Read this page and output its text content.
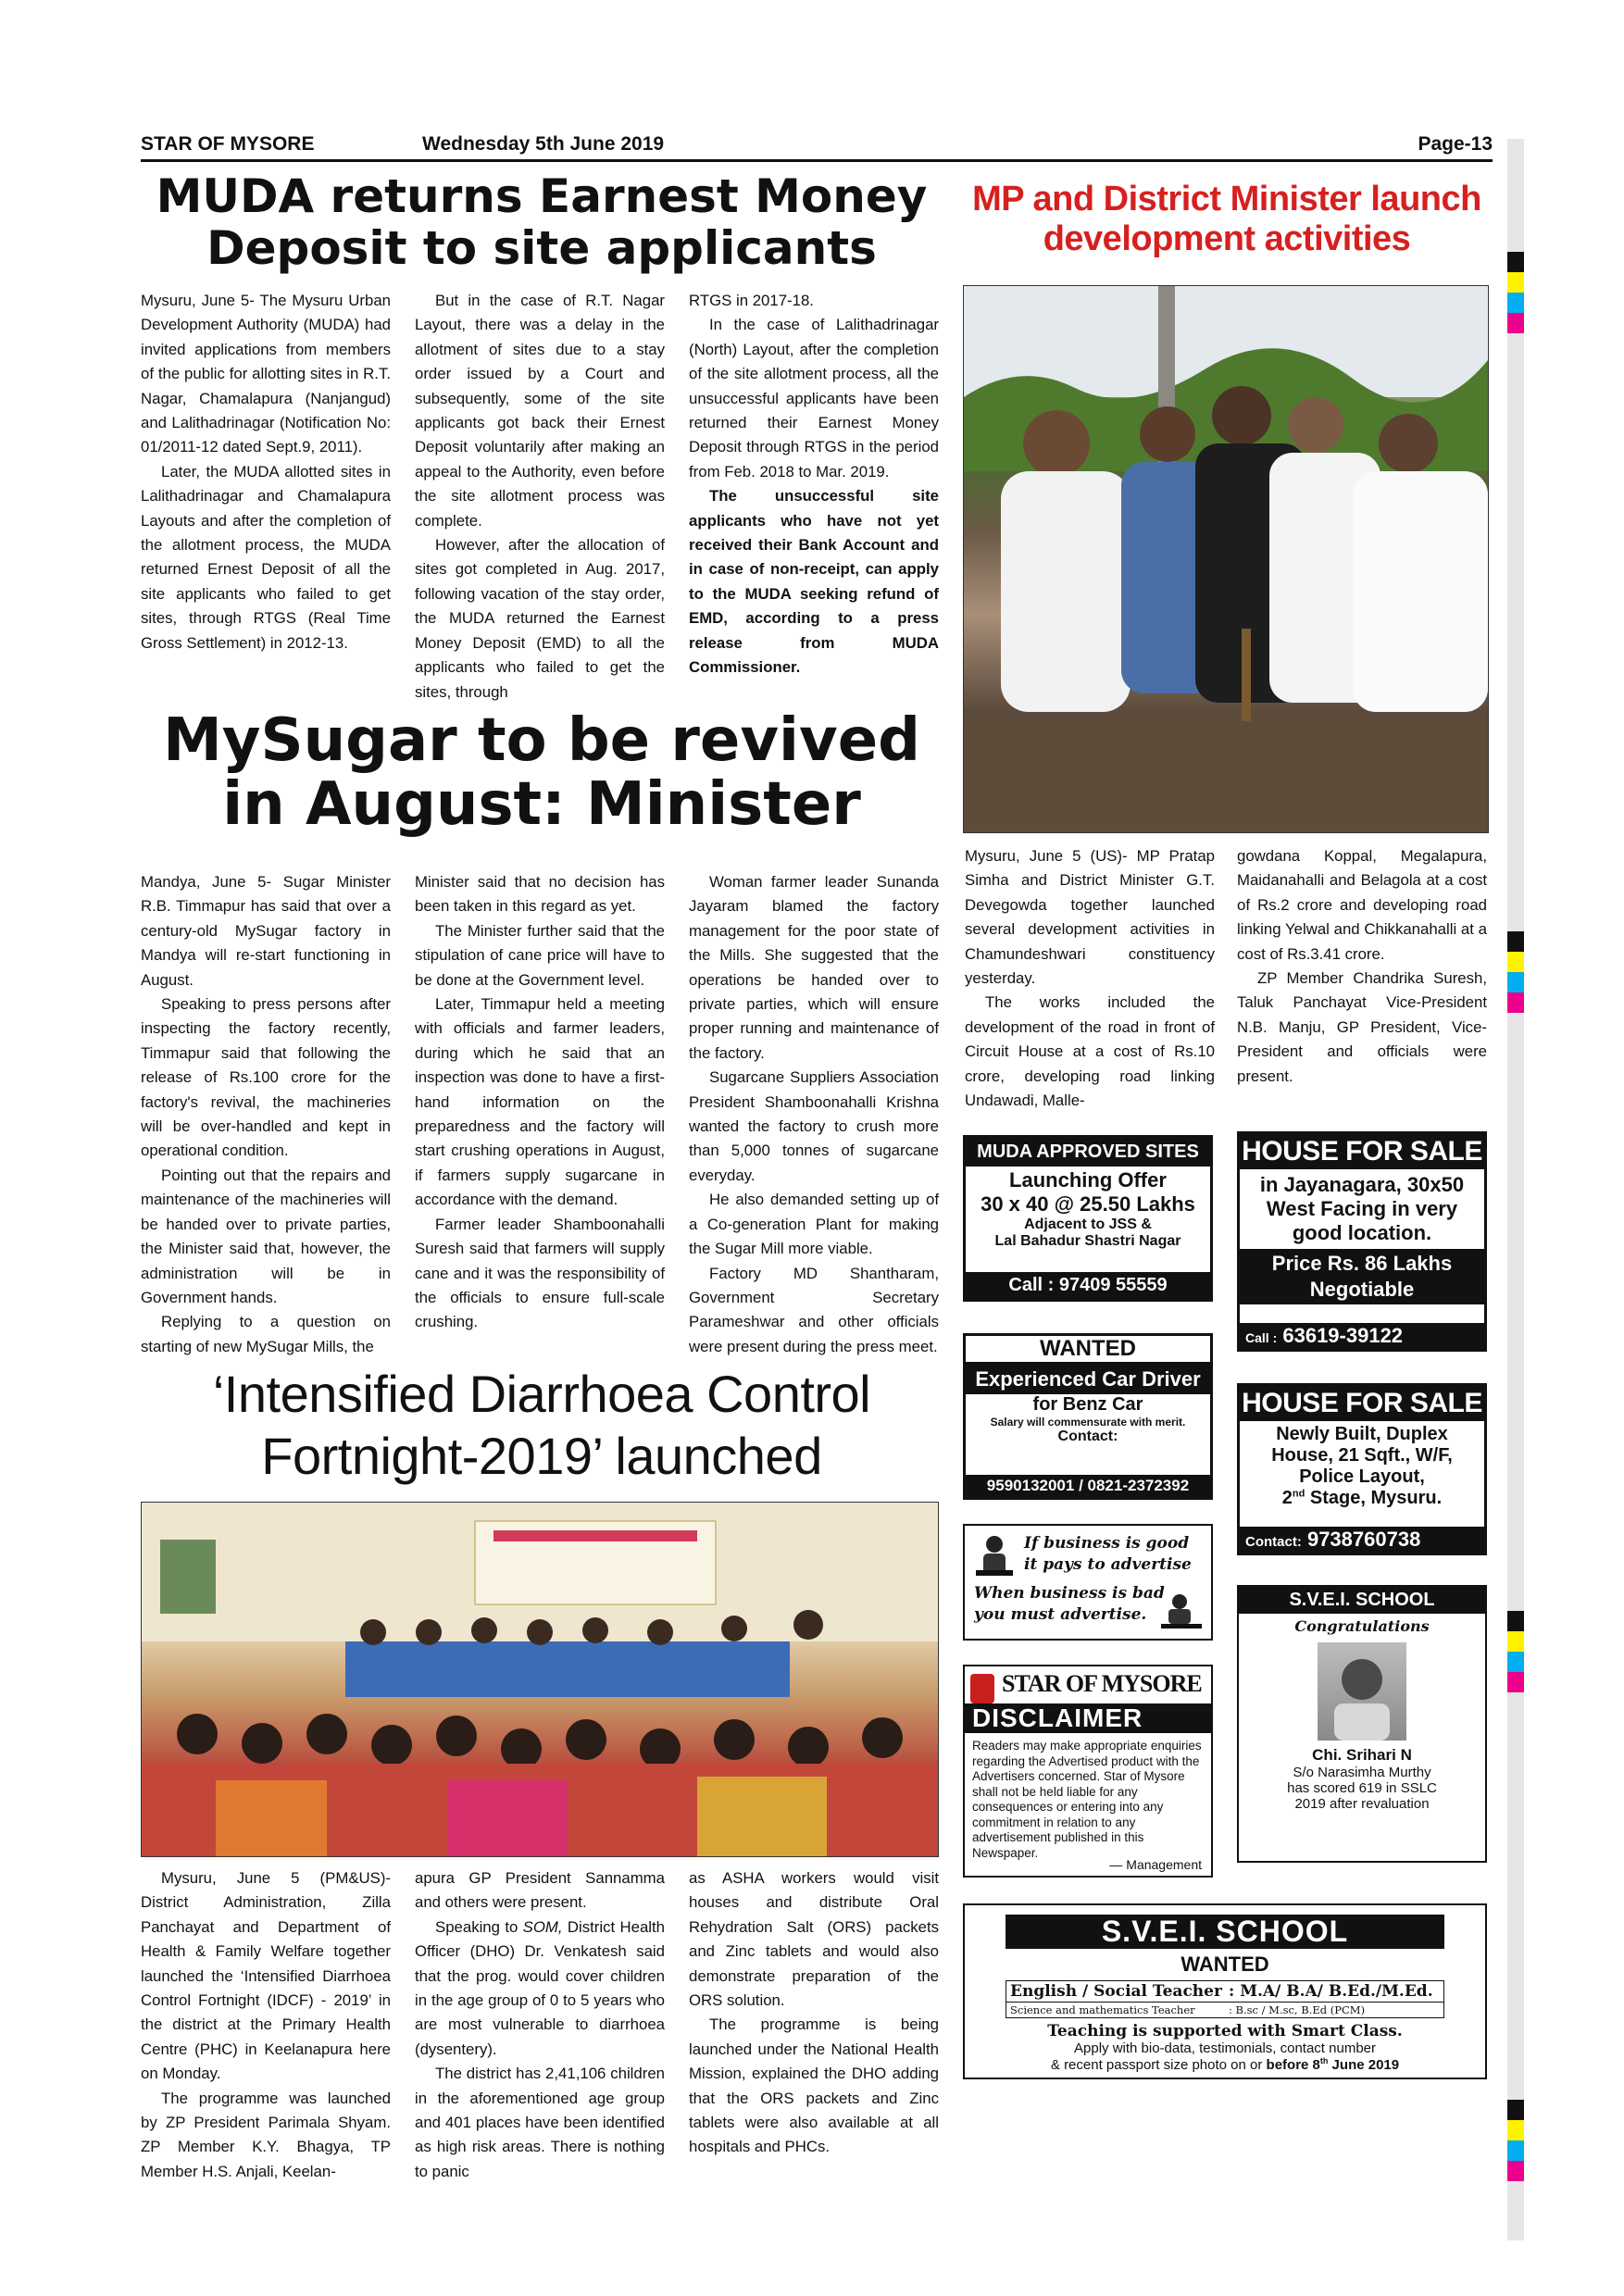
STAR OF MYSORE	Wednesday 5th June 2019	Page-13
MUDA returns Earnest Money
Deposit to site applicants

Mysuru, June 5- The Mysuru Urban Development Authority (MUDA) had invited applications from members of the public for allotting sites in R.T. Nagar, Chamalapura (Nanjangud) and Lalithadrinagar (Notification No: 01/2011-12 dated Sept.9, 2011).

Later, the MUDA allotted sites in Lalithadrinagar and Chamalapura Layouts and after the completion of the allotment process, the MUDA returned Ernest Deposit of all the site applicants who failed to get sites, through RTGS (Real Time Gross Settlement) in 2012-13.

But in the case of R.T. Nagar Layout, there was a delay in the allotment of sites due to a stay order issued by a Court and subsequently, some of the site applicants got back their Ernest Deposit voluntarily after making an appeal to the Authority, even before the site allotment process was complete.

However, after the allocation of sites got completed in Aug. 2017, following vacation of the stay order, the MUDA returned the Earnest Money Deposit (EMD) to all the applicants who failed to get the sites, through

RTGS in 2017-18.

In the case of Lalithadrinagar (North) Layout, after the completion of the site allotment process, all the unsuccessful applicants have been returned their Earnest Money Deposit through RTGS in the period from Feb. 2018 to Mar. 2019.

The unsuccessful site applicants who have not yet received their Bank Account and in case of non-receipt, can apply to the MUDA seeking refund of EMD, according to a press release from MUDA Commissioner.

MP and District Minister launch
development activities

Mysuru, June 5 (US)- MP Pratap Simha and District Minister G.T. Devegowda together launched several development activities in Chamundeshwari constituency yesterday.

The works included the development of the road in front of Circuit House at a cost of Rs.10 crore, developing road linking Undawadi, Malle-

gowdana Koppal, Megalapura, Maidanahalli and Belagola at a cost of Rs.2 crore and developing road linking Yelwal and Chikkanahalli at a cost of Rs.3.41 crore.

ZP Member Chandrika Suresh, Taluk Panchayat Vice-President N.B. Manju, GP President, Vice-President and officials were present.

MySugar to be revived
in August: Minister

Mandya, June 5- Sugar Minister R.B. Timmapur has said that over a century-old MySugar factory in Mandya will re-start functioning in August.

Speaking to press persons after inspecting the factory recently, Timmapur said that following the release of Rs.100 crore for the factory's revival, the machineries will be over-handled and kept in operational condition.

Pointing out that the repairs and maintenance of the machineries will be handed over to private parties, the Minister said that, however, the administration will be in Government hands.

Replying to a question on starting of new MySugar Mills, the

Minister said that no decision has been taken in this regard as yet.

The Minister further said that the stipulation of cane price will have to be done at the Government level.

Later, Timmapur held a meeting with officials and farmer leaders, during which he said that an inspection was done to have a first-hand information on the preparedness and the factory will start crushing operations in August, if farmers supply sugarcane in accordance with the demand.

Farmer leader Shamboonahalli Suresh said that farmers will supply cane and it was the responsibility of the officials to ensure full-scale crushing.

Woman farmer leader Sunanda Jayaram blamed the factory management for the poor state of the Mills. She suggested that the operations be handed over to private parties, which will ensure proper running and maintenance of the factory.

Sugarcane Suppliers Association President Shamboonahalli Krishna wanted the factory to crush more than 5,000 tonnes of sugarcane everyday.

He also demanded setting up of a Co-generation Plant for making the Sugar Mill more viable.

Factory MD Shantharam, Government Secretary Parameshwar and other officials were present during the press meet.

‘Intensified Diarrhoea Control
Fortnight-2019’ launched

Mysuru, June 5 (PM&US)- District Administration, Zilla Panchayat and Department of Health & Family Welfare together launched the ‘Intensified Diarrhoea Control Fortnight (IDCF) - 2019’ in the district at the Primary Health Centre (PHC) in Keelanapura here on Monday.

The programme was launched by ZP President Parimala Shyam. ZP Member K.Y. Bhagya, TP Member H.S. Anjali, Keelan-

apura GP President Sannamma and others were present.

Speaking to SOM, District Health Officer (DHO) Dr. Venkatesh said that the prog. would cover children in the age group of 0 to 5 years who are most vulnerable to diarrhoea (dysentery).

The district has 2,41,106 children in the aforementioned age group and 401 places have been identified as high risk areas. There is nothing to panic

as ASHA workers would visit houses and distribute Oral Rehydration Salt (ORS) packets and Zinc tablets and would also demonstrate preparation of the ORS solution.

The programme is being launched under the National Health Mission, explained the DHO adding that the ORS packets and Zinc tablets were also available at all hospitals and PHCs.

MUDA APPROVED SITES
Launching Offer
30 x 40 @ 25.50 Lakhs
Adjacent to JSS &
Lal Bahadur Shastri Nagar
Call : 97409 55559
HOUSE FOR SALE
in Jayanagara, 30x50
West Facing in very
good location.
Price Rs. 86 Lakhs
Negotiable
Call : 63619-39122
WANTED
Experienced Car Driver
for Benz Car
Salary will commensurate with merit.
Contact:
9590132001 / 0821-2372392
HOUSE FOR SALE
Newly Built, Duplex
House, 21 Sqft., W/F,
Police Layout,
2nd Stage, Mysuru.
Contact: 9738760738
If business is good
it pays to advertise
When business is bad
you must advertise.
STAR OF MYSORE
DISCLAIMER
Readers may make appropriate enquiries regarding the Advertised product with the Advertisers concerned. Star of Mysore shall not be held liable for any consequences or entering into any commitment in relation to any advertisement published in this Newspaper.
— Management
S.V.E.I. SCHOOL
Congratulations
Chi. Srihari N
S/o Narasimha Murthy
has scored 619 in SSLC
2019 after revaluation
S.V.E.I. SCHOOL
WANTED
English / Social Teacher : M.A/ B.A/ B.Ed./M.Ed.
Science and mathematics Teacher	: B.sc / M.sc, B.Ed (PCM)
Teaching is supported with Smart Class.
Apply with bio-data, testimonials, contact number
& recent passport size photo on or before 8th June 2019
